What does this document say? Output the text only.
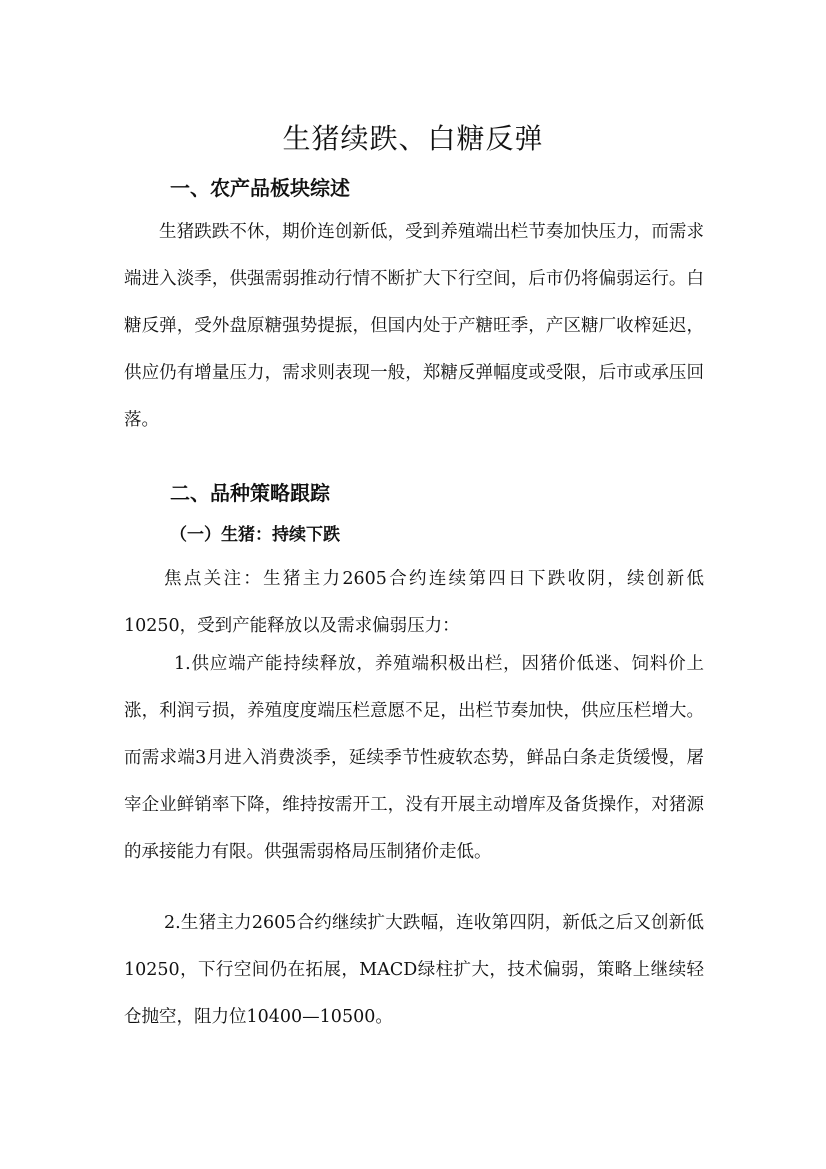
生猪续跌、白糖反弹
一、农产品板块综述

生猪跌跌不休，期价连创新低，受到养殖端出栏节奏加快压力，而需求端进入淡季，供强需弱推动行情不断扩大下行空间，后市仍将偏弱运行。白糖反弹，受外盘原糖强势提振，但国内处于产糖旺季，产区糖厂收榨延迟，供应仍有增量压力，需求则表现一般，郑糖反弹幅度或受限，后市或承压回落。

二、品种策略跟踪
（一）生猪：持续下跌

焦点关注：生猪主力2605合约连续第四日下跌收阴，续创新低10250，受到产能释放以及需求偏弱压力：

1.供应端产能持续释放，养殖端积极出栏，因猪价低迷、饲料价上涨，利润亏损，养殖度度端压栏意愿不足，出栏节奏加快，供应压栏增大。而需求端3月进入消费淡季，延续季节性疲软态势，鲜品白条走货缓慢，屠宰企业鲜销率下降，维持按需开工，没有开展主动增库及备货操作，对猪源的承接能力有限。供强需弱格局压制猪价走低。

2.生猪主力2605合约继续扩大跌幅，连收第四阴，新低之后又创新低10250，下行空间仍在拓展，MACD绿柱扩大，技术偏弱，策略上继续轻仓抛空，阻力位10400—10500。
